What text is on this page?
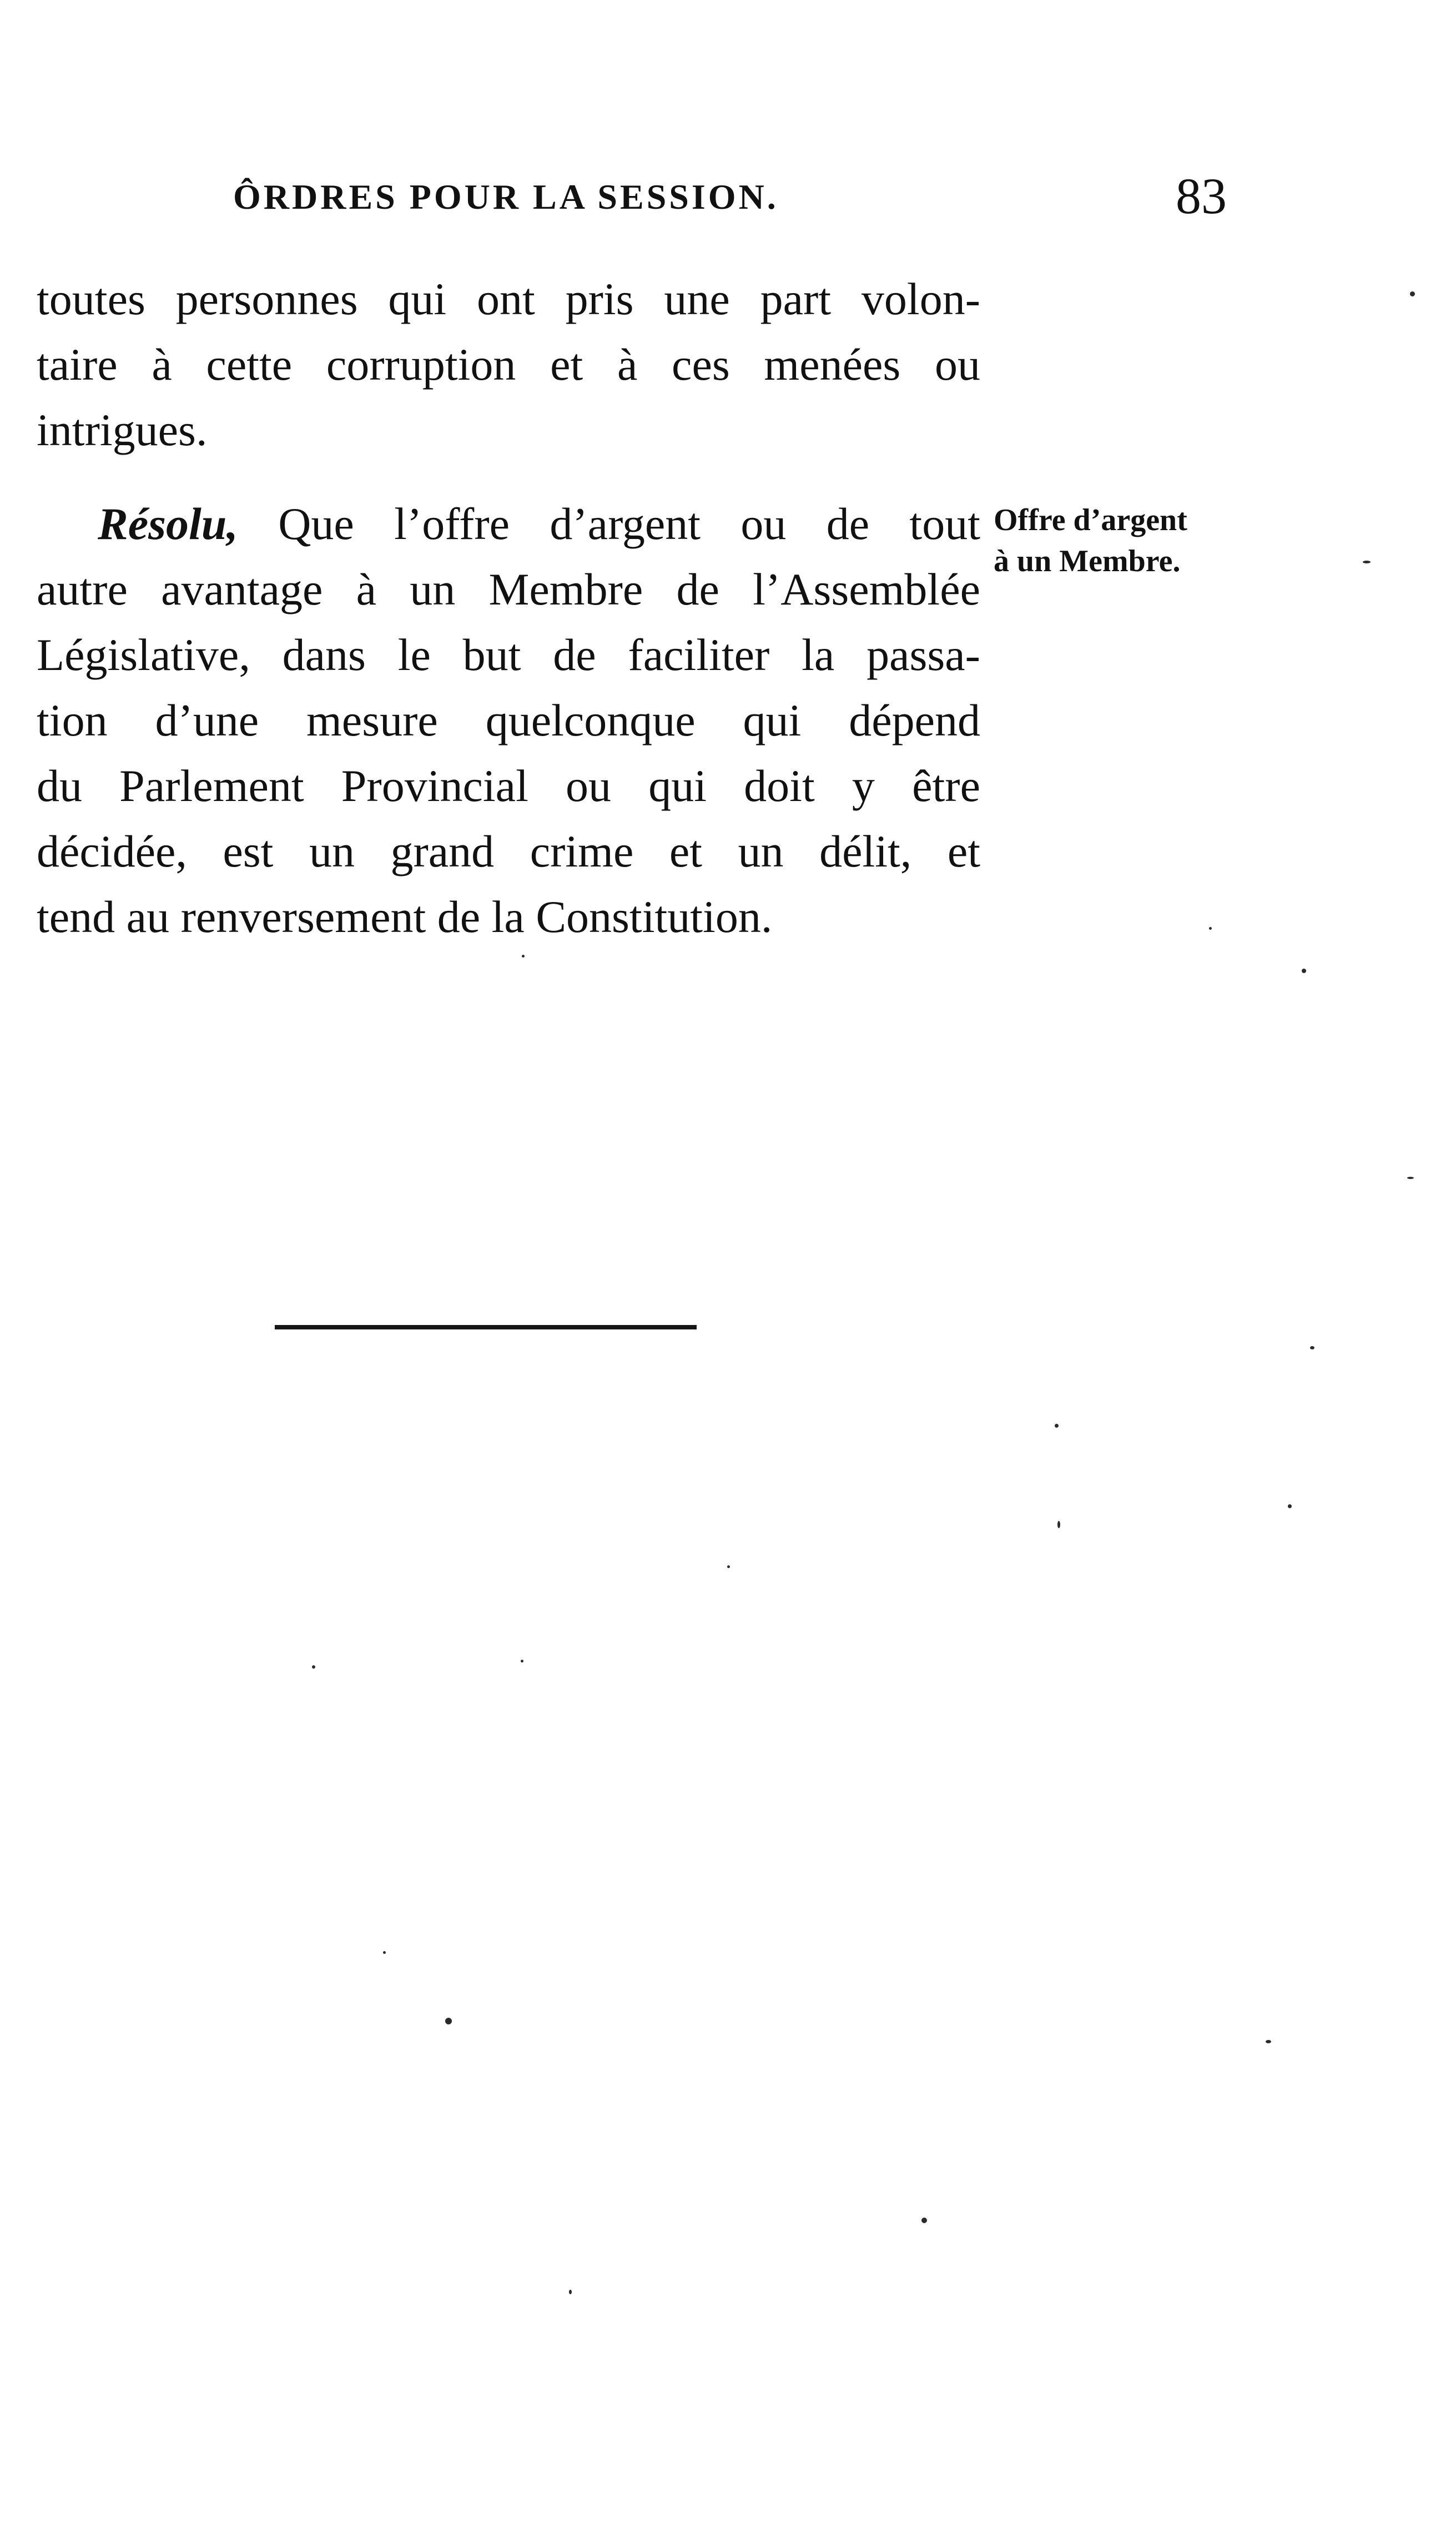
ÔRDRES POUR LA SESSION.	83
toutes personnes qui ont pris une part volon-
taire à cette corruption et à ces menées ou
intrigues.
Résolu, Que l’offre d’argent ou de tout
autre avantage à un Membre de l’Assemblée
Législative, dans le but de faciliter la passa-
tion d’une mesure quelconque qui dépend
du Parlement Provincial ou qui doit y être
décidée, est un grand crime et un délit, et
tend au renversement de la Constitution.
Offre d’argent
à un Membre.
